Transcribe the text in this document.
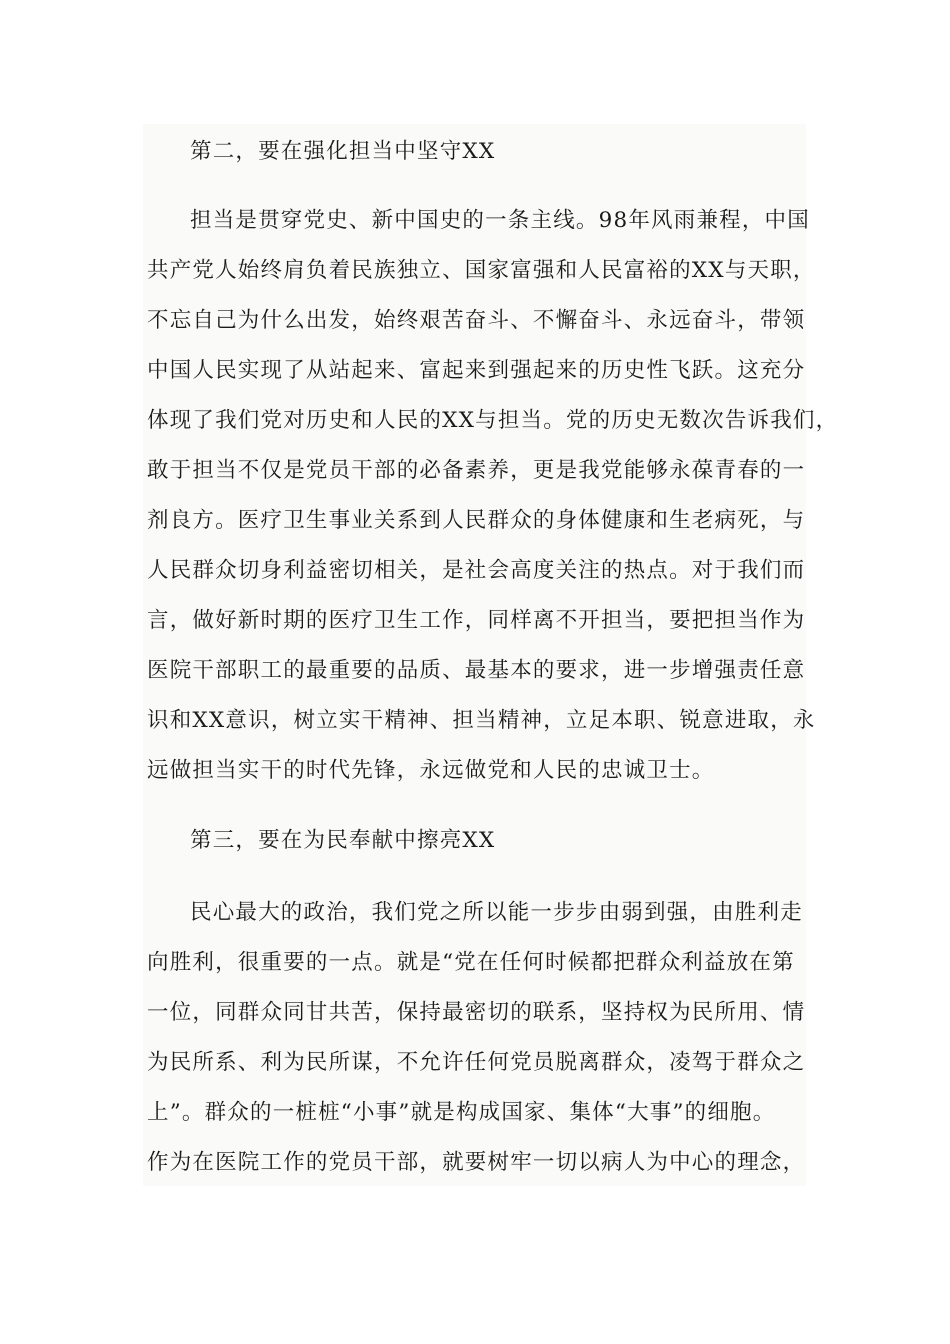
第二，要在强化担当中坚守XX
担当是贯穿党史、新中国史的一条主线。98年风雨兼程，中国
共产党人始终肩负着民族独立、国家富强和人民富裕的XX与天职，
不忘自己为什么出发，始终艰苦奋斗、不懈奋斗、永远奋斗，带领
中国人民实现了从站起来、富起来到强起来的历史性飞跃。这充分
体现了我们党对历史和人民的XX与担当。党的历史无数次告诉我们，
敢于担当不仅是党员干部的必备素养，更是我党能够永葆青春的一
剂良方。医疗卫生事业关系到人民群众的身体健康和生老病死，与
人民群众切身利益密切相关，是社会高度关注的热点。对于我们而
言，做好新时期的医疗卫生工作，同样离不开担当，要把担当作为
医院干部职工的最重要的品质、最基本的要求，进一步增强责任意
识和XX意识，树立实干精神、担当精神，立足本职、锐意进取，永
远做担当实干的时代先锋，永远做党和人民的忠诚卫士。
第三，要在为民奉献中擦亮XX
民心最大的政治，我们党之所以能一步步由弱到强，由胜利走
向胜利，很重要的一点。就是“党在任何时候都把群众利益放在第
一位，同群众同甘共苦，保持最密切的联系，坚持权为民所用、情
为民所系、利为民所谋，不允许任何党员脱离群众，凌驾于群众之
上”。群众的一桩桩“小事”就是构成国家、集体“大事”的细胞。
作为在医院工作的党员干部，就要树牢一切以病人为中心的理念，
